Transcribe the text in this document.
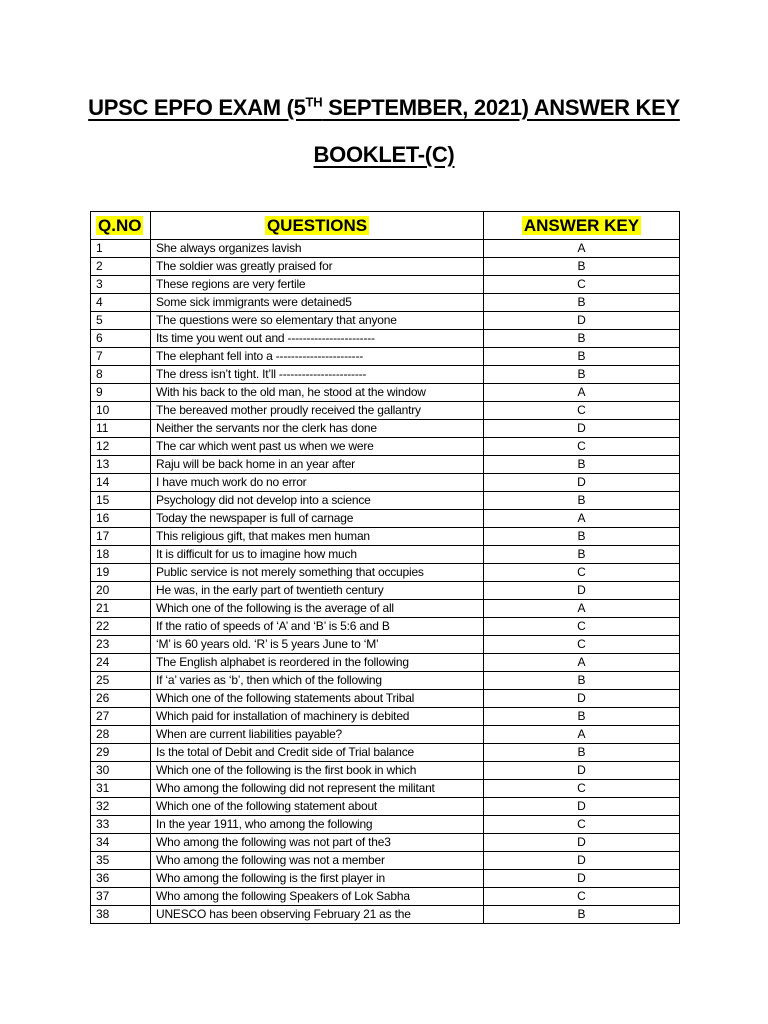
UPSC EPFO EXAM (5TH SEPTEMBER, 2021) ANSWER KEY
BOOKLET-(C)
Q.NO	QUESTIONS	ANSWER KEY
1	She always organizes lavish	A
2	The soldier was greatly praised for	B
3	These regions are very fertile	C
4	Some sick immigrants were detained5	B
5	The questions were so elementary that anyone	D
6	Its time you went out and -----------------------	B
7	The elephant fell into a -----------------------	B
8	The dress isn’t tight. It’ll -----------------------	B
9	With his back to the old man, he stood at the window	A
10	The bereaved mother proudly received the gallantry	C
11	Neither the servants nor the clerk has done	D
12	The car which went past us when we were	C
13	Raju will be back home in an year after	B
14	I have much work do no error	D
15	Psychology did not develop into a science	B
16	Today the newspaper is full of carnage	A
17	This religious gift, that makes men human	B
18	It is difficult for us to imagine how much	B
19	Public service is not merely something that occupies	C
20	He was, in the early part of twentieth century	D
21	Which one of the following is the average of all	A
22	If the ratio of speeds of ‘A’ and ‘B’ is 5:6 and B	C
23	‘M’ is 60 years old. ‘R’ is 5 years June to ‘M’	C
24	The English alphabet is reordered in the following	A
25	If ‘a’ varies as ‘b’, then which of the following	B
26	Which one of the following statements about Tribal	D
27	Which paid for installation of machinery is debited	B
28	When are current liabilities payable?	A
29	Is the total of Debit and Credit side of Trial balance	B
30	Which one of the following is the first book in which	D
31	Who among the following did not represent the militant	C
32	Which one of the following statement about	D
33	In the year 1911, who among the following	C
34	Who among the following was not part of the3	D
35	Who among the following was not a member	D
36	Who among the following is the first player in	D
37	Who among the following Speakers of Lok Sabha	C
38	UNESCO has been observing February 21 as the	B
